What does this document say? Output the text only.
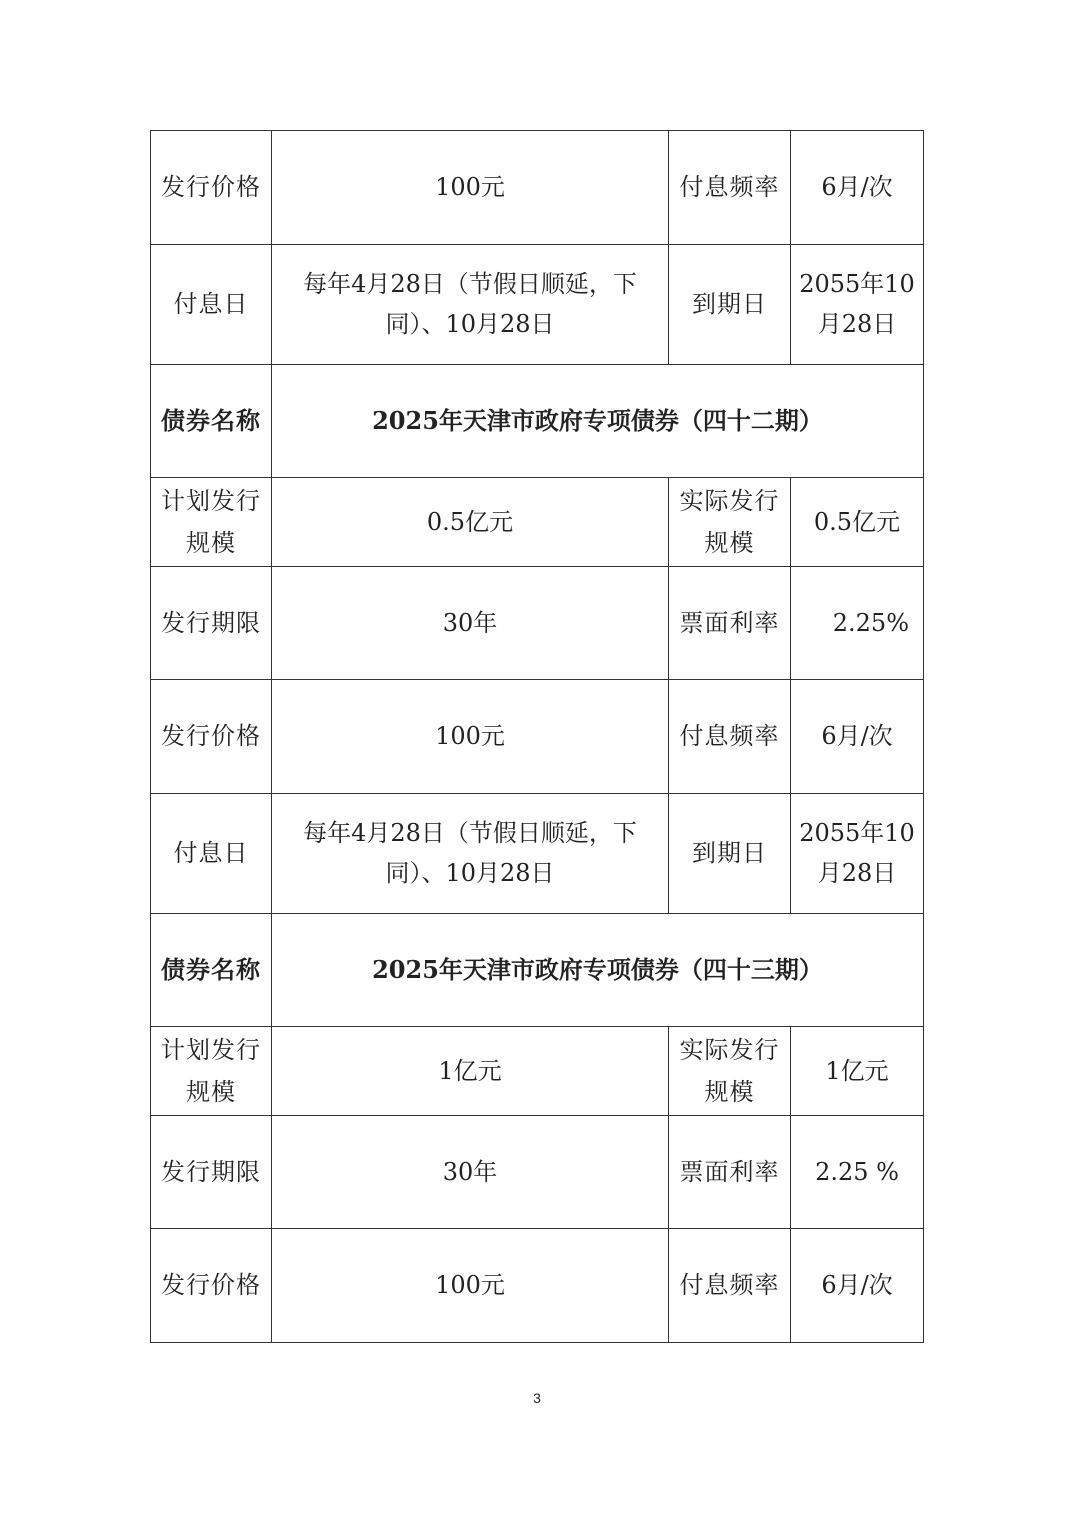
发行价格	100元	付息频率	6月/次
付息日	每年4月28日（节假日顺延，下同）、10月28日	到期日	2055年10月28日
债券名称	2025年天津市政府专项债券（四十二期）		
计划发行规模	0.5亿元	实际发行规模	0.5亿元
发行期限	30年	票面利率	2.25%
发行价格	100元	付息频率	6月/次
付息日	每年4月28日（节假日顺延，下同）、10月28日	到期日	2055年10月28日
债券名称	2025年天津市政府专项债券（四十三期）		
计划发行规模	1亿元	实际发行规模	1亿元
发行期限	30年	票面利率	2.25 %
发行价格	100元	付息频率	6月/次
3
